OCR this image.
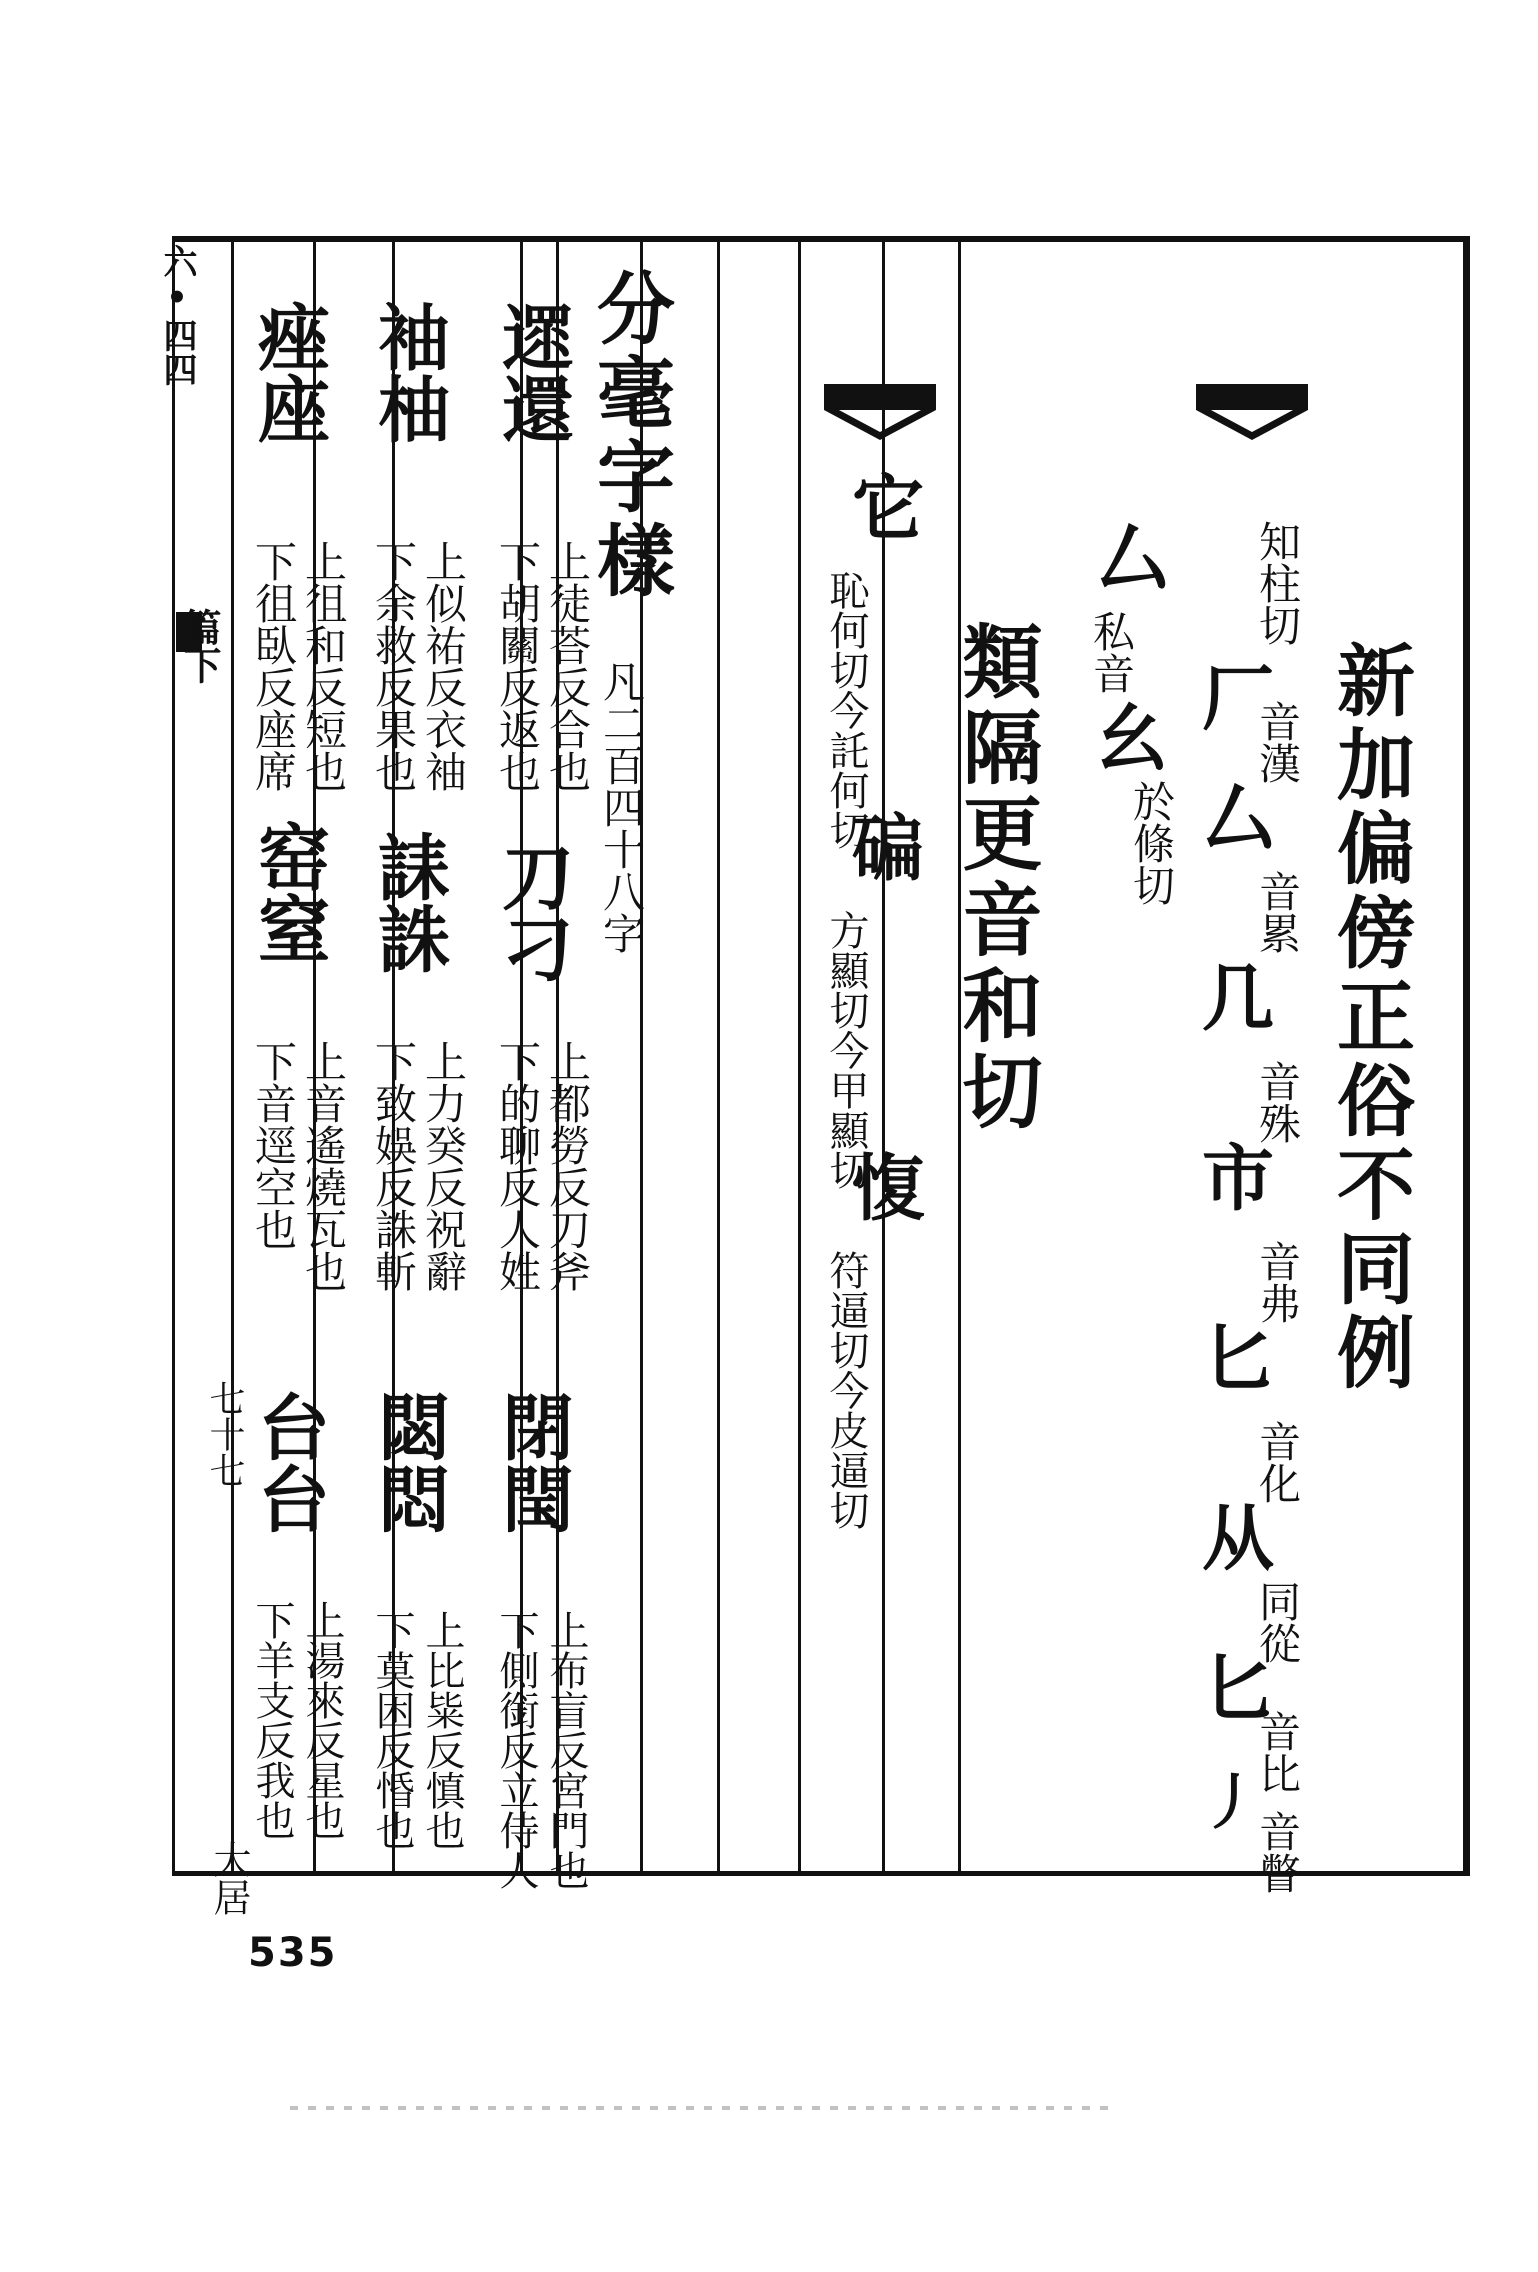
新加偏傍正俗不同例
厂
知柱切
厶
音漢
几
音累
市
音殊
匕
音弗
从
音化
匕
同從
丿
音比
音瞥
厶
私音
幺
於條切
類隔更音和切
它
恥何切今託何切
碥
方顯切今甲顯切
愎
符逼切今皮逼切
分毫字樣
凡二百四十八字
遝還
上徒荅反合也
下胡關反返也
刀刁
上都勞反刀斧
下的聊反人姓
閉閠
上布盲反宮門也
下側銜反立侍人
袖柚
上似祐反衣袖
下余救反果也
誄誅
上力癸反祝辭
下致娛反誅斬
閟悶
上比粊反慎也
下莫困反惛也
痤座
上徂和反短也
下徂臥反座席
窑窒
上音遙燒瓦也
下音逕空也
台台
上湯來反星也
下羊支反我也
六•四四
篇下
七十七
大居
535
